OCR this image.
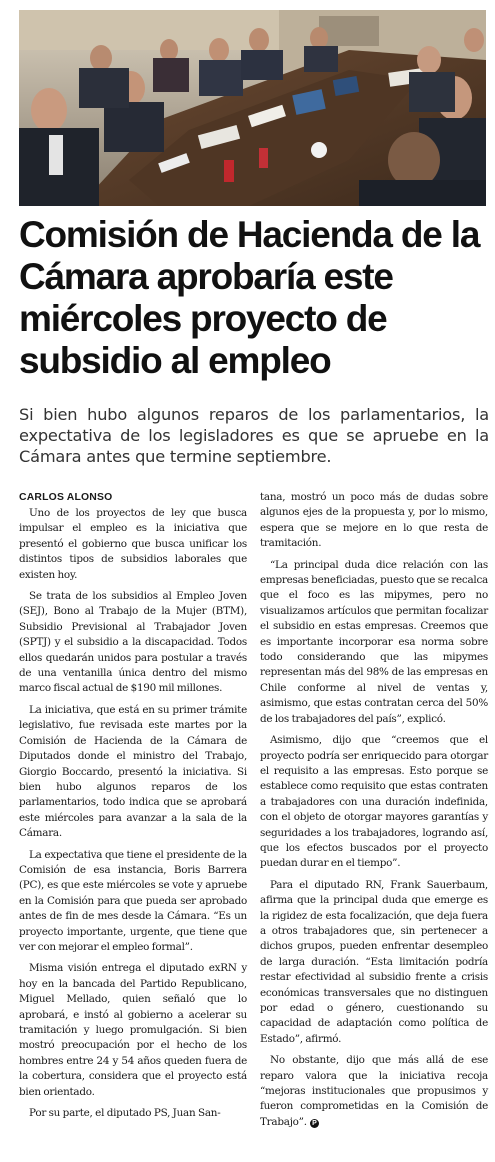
Comisión de Hacienda de la Cámara aprobaría este miércoles proyecto de subsidio al empleo

Si bien hubo algunos reparos de los parlamentarios, la expectativa de los legisladores es que se apruebe en la Cámara antes que termine septiembre.

CARLOS ALONSO

Uno de los proyectos de ley que busca impulsar el empleo es la iniciativa que presentó el gobierno que busca unificar los distintos tipos de subsidios laborales que existen hoy.

Se trata de los subsidios al Empleo Joven (SEJ), Bono al Trabajo de la Mujer (BTM), Subsidio Previsional al Trabajador Joven (SPTJ) y el subsidio a la discapacidad. Todos ellos quedarán unidos para postular a través de una ventanilla única dentro del mismo marco fiscal actual de $190 mil millones.

La iniciativa, que está en su primer trámite legislativo, fue revisada este martes por la Comisión de Hacienda de la Cámara de Diputados donde el ministro del Trabajo, Giorgio Boccardo, presentó la iniciativa. Si bien hubo algunos reparos de los parlamentarios, todo indica que se aprobará este miércoles para avanzar a la sala de la Cámara.

La expectativa que tiene el presidente de la Comisión de esa instancia, Boris Barrera (PC), es que este miércoles se vote y apruebe en la Comisión para que pueda ser aprobado antes de fin de mes desde la Cámara. “Es un proyecto importante, urgente, que tiene que ver con mejorar el empleo formal”.

Misma visión entrega el diputado exRN y hoy en la bancada del Partido Republicano, Miguel Mellado, quien señaló que lo aprobará, e instó al gobierno a acelerar su tramitación y luego promulgación. Si bien mostró preocupación por el hecho de los hombres entre 24 y 54 años queden fuera de la cobertura, considera que el proyecto está bien orientado.

Por su parte, el diputado PS, Juan San-

tana, mostró un poco más de dudas sobre algunos ejes de la propuesta y, por lo mismo, espera que se mejore en lo que resta de tramitación.

“La principal duda dice relación con las empresas beneficiadas, puesto que se recalca que el foco es las mipymes, pero no visualizamos artículos que permitan focalizar el subsidio en estas empresas. Creemos que es importante incorporar esa norma sobre todo considerando que las mipymes representan más del 98% de las empresas en Chile conforme al nivel de ventas y, asimismo, que estas contratan cerca del 50% de los trabajadores del país”, explicó.

Asimismo, dijo que “creemos que el proyecto podría ser enriquecido para otorgar el requisito a las empresas. Esto porque se establece como requisito que estas contraten a trabajadores con una duración indefinida, con el objeto de otorgar mayores garantías y seguridades a los trabajadores, logrando así, que los efectos buscados por el proyecto puedan durar en el tiempo”.

Para el diputado RN, Frank Sauerbaum, afirma que la principal duda que emerge es la rigidez de esta focalización, que deja fuera a otros trabajadores que, sin pertenecer a dichos grupos, pueden enfrentar desempleo de larga duración. “Esta limitación podría restar efectividad al subsidio frente a crisis económicas transversales que no distinguen por edad o género, cuestionando su capacidad de adaptación como política de Estado”, afirmó.

No obstante, dijo que más allá de ese reparo valora que la iniciativa recoja “mejoras institucionales que propusimos y fueron comprometidas en la Comisión de Trabajo”. P
